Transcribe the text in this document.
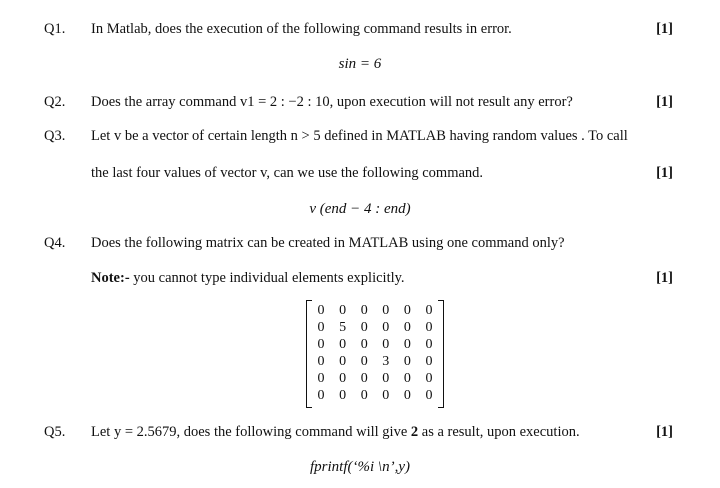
Q1. In Matlab, does the execution of the following command results in error.	[1]
sin = 6
Q2. Does the array command v1 = 2 : −2 : 10, upon execution will not result any error?	[1]
Q3. Let v be a vector of certain length n > 5 defined in MATLAB having random values . To call
the last four values of vector v, can we use the following command.	[1]
v (end − 4 : end)
Q4. Does the following matrix can be created in MATLAB using one command only?
Note:- you cannot type individual elements explicitly.	[1]
0 0 0 0 0 0
0 5 0 0 0 0
0 0 0 0 0 0
0 0 0 3 0 0
0 0 0 0 0 0
0 0 0 0 0 0
Q5. Let y = 2.5679, does the following command will give 2 as a result, upon execution.	[1]
fprintf(‘%i \n’,y)
